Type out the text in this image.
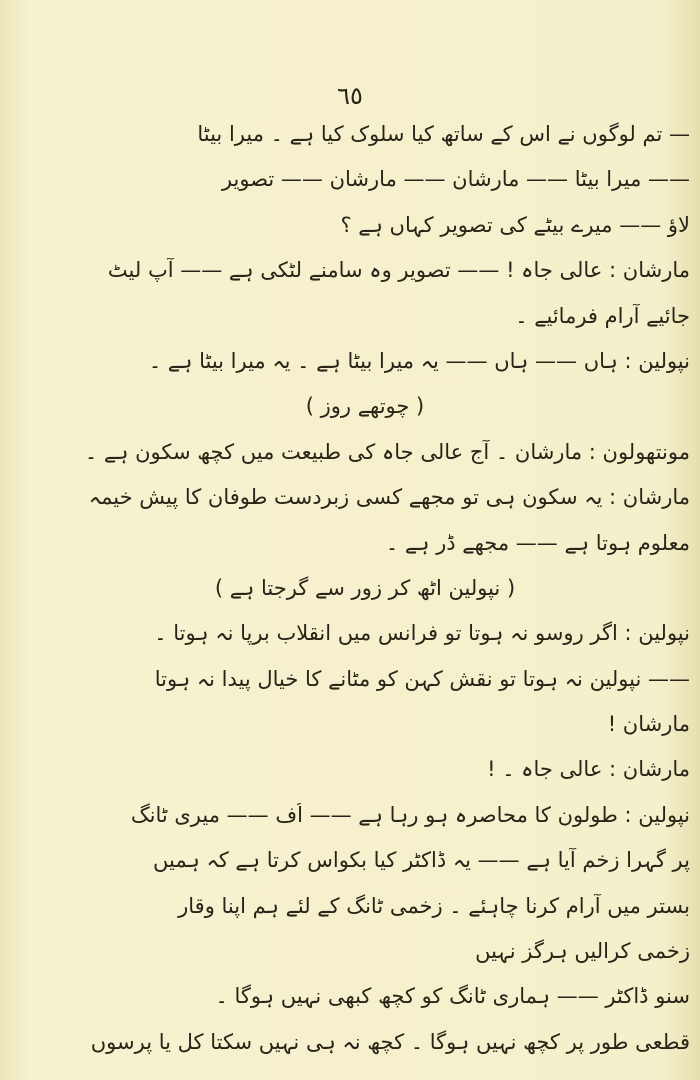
٦٥
— تم لوگوں نے اس کے ساتھ کیا سلوک کیا ہے ۔ میرا بیٹا
—— میرا بیٹا —— مارشان —— مارشان —— تصویر
لاؤ —— میرے بیٹے کی تصویر کہاں ہے ؟
مارشان : عالی جاہ ! —— تصویر وہ سامنے لٹکی ہے —— آپ لیٹ
جائیے آرام فرمائیے ۔
نپولین : ہاں —— ہاں —— یہ میرا بیٹا ہے ۔ یہ میرا بیٹا ہے ۔
( چوتھے روز )
مونتھولون : مارشان ۔ آج عالی جاہ کی طبیعت میں کچھ سکون ہے ۔
مارشان : یہ سکون ہی تو مجھے کسی زبردست طوفان کا پیش خیمہ
معلوم ہوتا ہے —— مجھے ڈر ہے ۔
( نپولین اٹھ کر زور سے گرجتا ہے )
نپولین : اگر روسو نہ ہوتا تو فرانس میں انقلاب برپا نہ ہوتا ۔
—— نپولین نہ ہوتا تو نقش کہن کو مٹانے کا خیال پیدا نہ ہوتا
مارشان !
مارشان : عالی جاہ ۔ !
نپولین : طولون کا محاصرہ ہو رہا ہے —— اُف —— میری ٹانگ
پر گہرا زخم آیا ہے —— یہ ڈاکٹر کیا بکواس کرتا ہے کہ ہمیں
بستر میں آرام کرنا چاہئے ۔ زخمی ٹانگ کے لئے ہم اپنا وقار
زخمی کرالیں ہرگز نہیں
سنو ڈاکٹر —— ہماری ٹانگ کو کچھ کبھی نہیں ہوگا ۔
قطعی طور پر کچھ نہیں ہوگا ۔ کچھ نہ ہی نہیں سکتا کل یا پرسوں
